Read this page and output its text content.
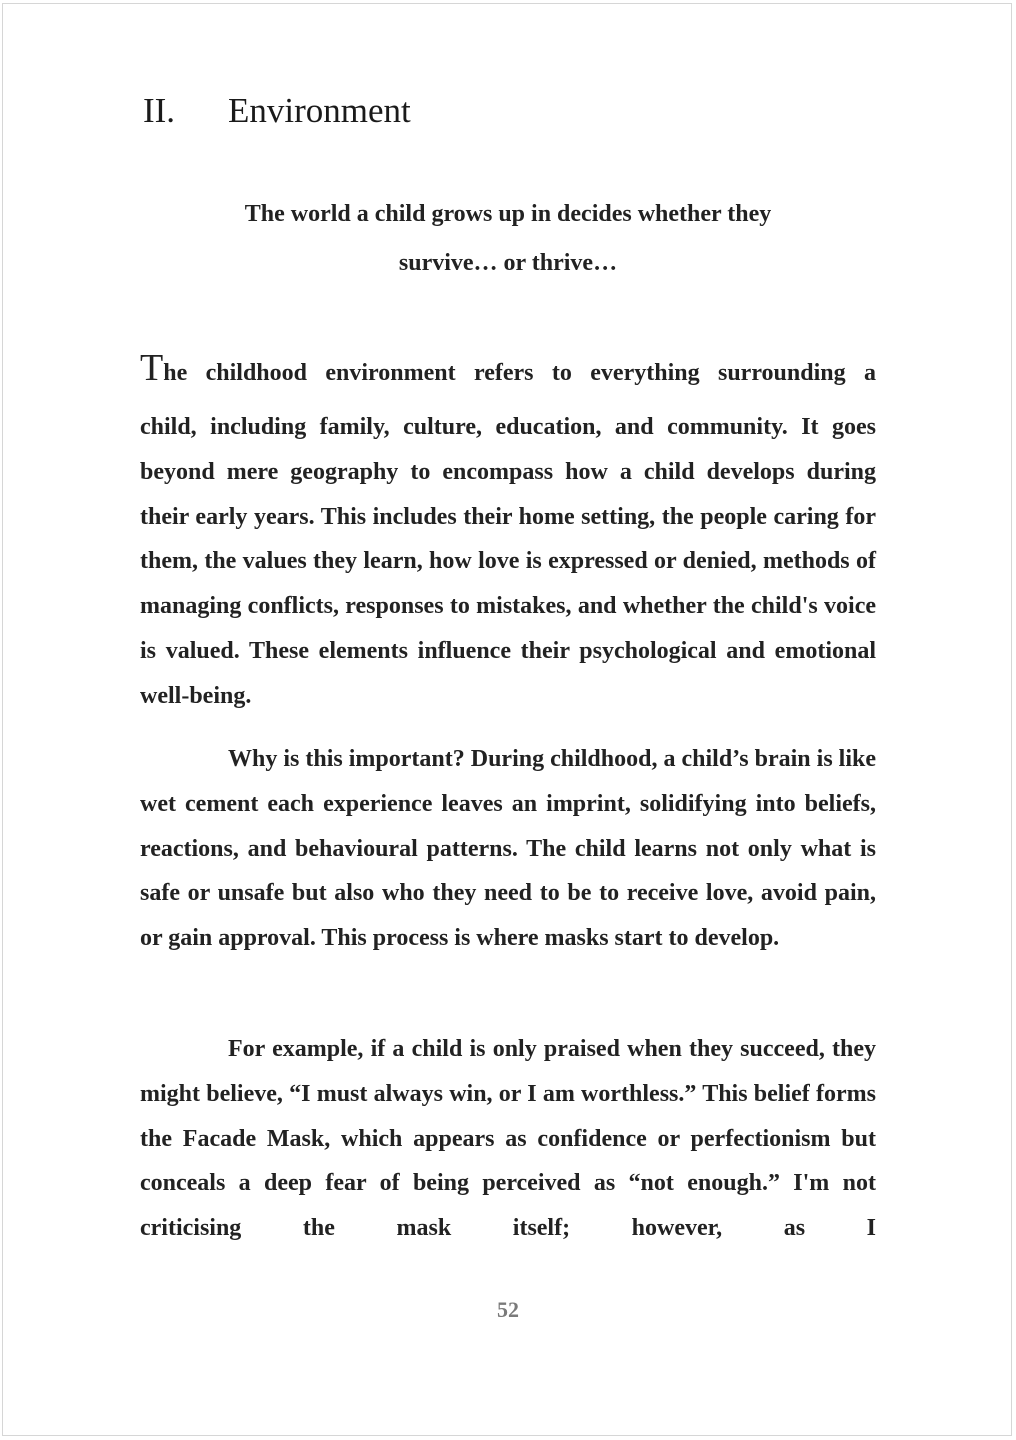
II. Environment
The world a child grows up in decides whether they
survive… or thrive…

The childhood environment refers to everything surrounding a
child, including family, culture, education, and community. It goes beyond mere geography to encompass how a child develops during their early years. This includes their home setting, the people caring for them, the values they learn, how love is expressed or denied, methods of managing conflicts, responses to mistakes, and whether the child's voice is valued. These elements influence their psychological and emotional well-being.

Why is this important? During childhood, a child’s brain is like wet cement each experience leaves an imprint, solidifying into beliefs, reactions, and behavioural patterns. The child learns not only what is safe or unsafe but also who they need to be to receive love, avoid pain, or gain approval. This process is where masks start to develop.

For example, if a child is only praised when they succeed, they might believe, “I must always win, or I am worthless.” This belief forms the Facade Mask, which appears as confidence or perfectionism but conceals a deep fear of being perceived as “not enough.” I'm not criticising the mask itself; however, as I

52
